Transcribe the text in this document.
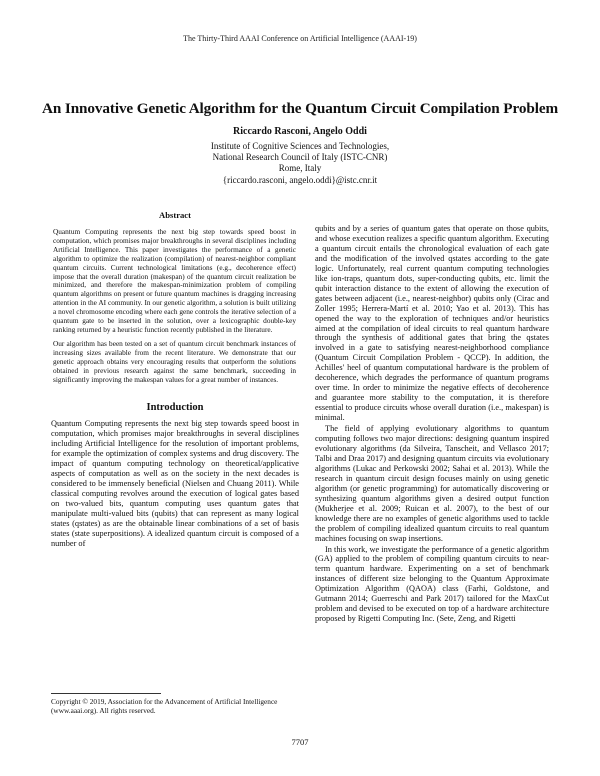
The Thirty-Third AAAI Conference on Artificial Intelligence (AAAI-19)
An Innovative Genetic Algorithm for the Quantum Circuit Compilation Problem
Riccardo Rasconi, Angelo Oddi
Institute of Cognitive Sciences and Technologies,
National Research Council of Italy (ISTC-CNR)
Rome, Italy
{riccardo.rasconi, angelo.oddi}@istc.cnr.it
Abstract

Quantum Computing represents the next big step towards speed boost in computation, which promises major breakthroughs in several disciplines including Artificial Intelligence. This paper investigates the performance of a genetic algorithm to optimize the realization (compilation) of nearest-neighbor compliant quantum circuits. Current technological limitations (e.g., decoherence effect) impose that the overall duration (makespan) of the quantum circuit realization be minimized, and therefore the makespan-minimization problem of compiling quantum algorithms on present or future quantum machines is dragging increasing attention in the AI community. In our genetic algorithm, a solution is built utilizing a novel chromosome encoding where each gene controls the iterative selection of a quantum gate to be inserted in the solution, over a lexicographic double-key ranking returned by a heuristic function recently published in the literature.

Our algorithm has been tested on a set of quantum circuit benchmark instances of increasing sizes available from the recent literature. We demonstrate that our genetic approach obtains very encouraging results that outperform the solutions obtained in previous research against the same benchmark, succeeding in significantly improving the makespan values for a great number of instances.

Introduction

Quantum Computing represents the next big step towards speed boost in computation, which promises major breakthroughs in several disciplines including Artificial Intelligence for the resolution of important problems, for example the optimization of complex systems and drug discovery. The impact of quantum computing technology on theoretical/applicative aspects of computation as well as on the society in the next decades is considered to be immensely beneficial (Nielsen and Chuang 2011). While classical computing revolves around the execution of logical gates based on two-valued bits, quantum computing uses quantum gates that manipulate multi-valued bits (qubits) that can represent as many logical states (qstates) as are the obtainable linear combinations of a set of basis states (state superpositions). A idealized quantum circuit is composed of a number of

qubits and by a series of quantum gates that operate on those qubits, and whose execution realizes a specific quantum algorithm. Executing a quantum circuit entails the chronological evaluation of each gate and the modification of the involved qstates according to the gate logic. Unfortunately, real current quantum computing technologies like ion-traps, quantum dots, super-conducting qubits, etc. limit the qubit interaction distance to the extent of allowing the execution of gates between adjacent (i.e., nearest-neighbor) qubits only (Cirac and Zoller 1995; Herrera-Martí et al. 2010; Yao et al. 2013). This has opened the way to the exploration of techniques and/or heuristics aimed at the compilation of ideal circuits to real quantum hardware through the synthesis of additional gates that bring the qstates involved in a gate to satisfying nearest-neighborhood compliance (Quantum Circuit Compilation Problem - QCCP). In addition, the Achilles' heel of quantum computational hardware is the problem of decoherence, which degrades the performance of quantum programs over time. In order to minimize the negative effects of decoherence and guarantee more stability to the computation, it is therefore essential to produce circuits whose overall duration (i.e., makespan) is minimal.

The field of applying evolutionary algorithms to quantum computing follows two major directions: designing quantum inspired evolutionary algorithms (da Silveira, Tanscheit, and Vellasco 2017; Talbi and Draa 2017) and designing quantum circuits via evolutionary algorithms (Lukac and Perkowski 2002; Sahai et al. 2013). While the research in quantum circuit design focuses mainly on using genetic algorithm (or genetic programming) for automatically discovering or synthesizing quantum algorithms given a desired output function (Mukherjee et al. 2009; Ruican et al. 2007), to the best of our knowledge there are no examples of genetic algorithms used to tackle the problem of compiling idealized quantum circuits to real quantum machines focusing on swap insertions.

In this work, we investigate the performance of a genetic algorithm (GA) applied to the problem of compiling quantum circuits to near-term quantum hardware. Experimenting on a set of benchmark instances of different size belonging to the Quantum Approximate Optimization Algorithm (QAOA) class (Farhi, Goldstone, and Gutmann 2014; Guerreschi and Park 2017) tailored for the MaxCut problem and devised to be executed on top of a hardware architecture proposed by Rigetti Computing Inc. (Sete, Zeng, and Rigetti

Copyright © 2019, Association for the Advancement of Artificial Intelligence (www.aaai.org). All rights reserved.
7707
